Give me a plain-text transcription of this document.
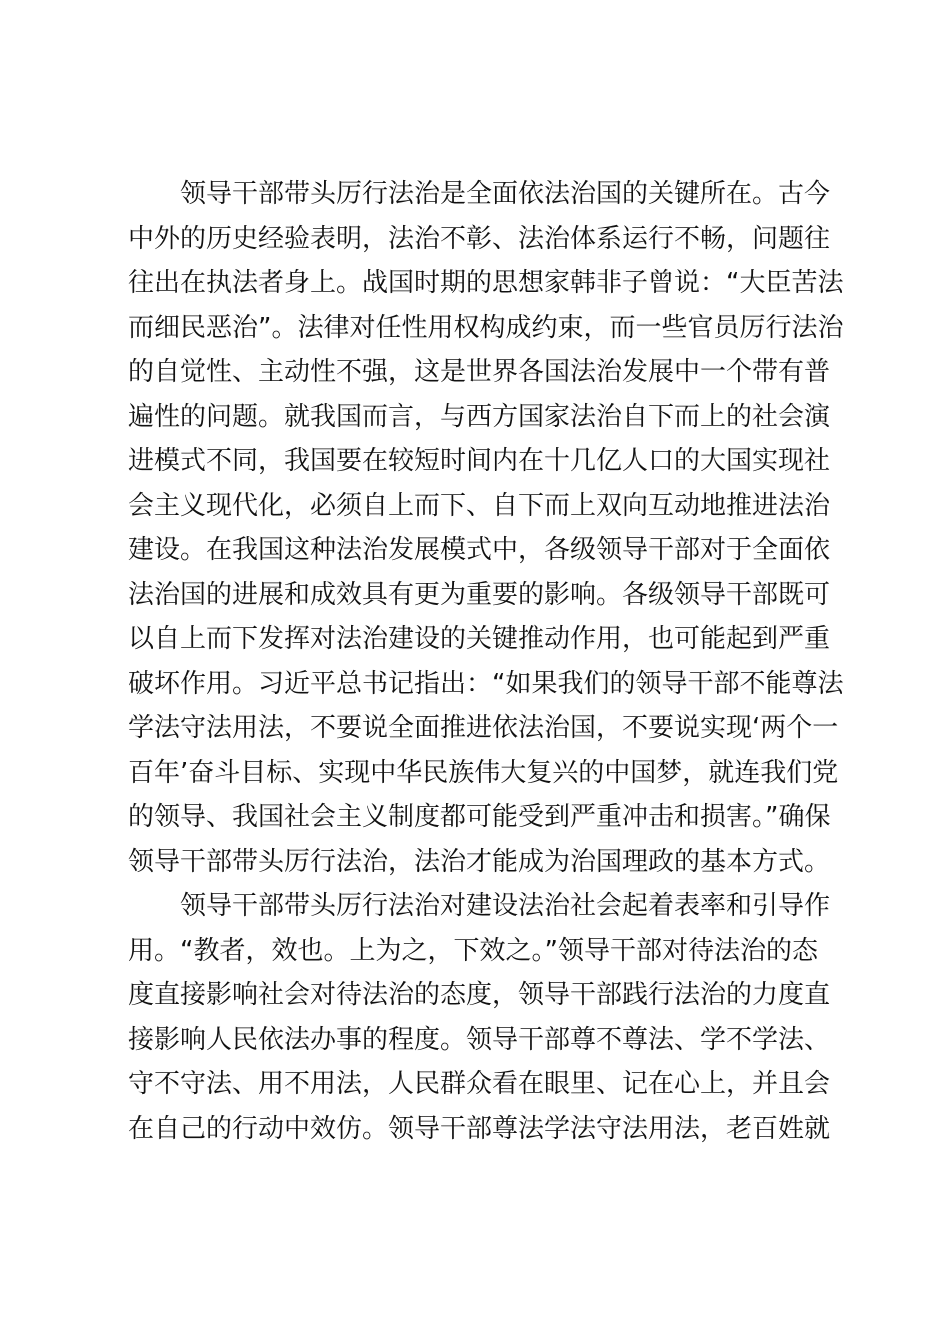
领导干部带头厉行法治是全面依法治国的关键所在。古今
中外的历史经验表明，法治不彰、法治体系运行不畅，问题往
往出在执法者身上。战国时期的思想家韩非子曾说：“大臣苦法
而细民恶治”。法律对任性用权构成约束，而一些官员厉行法治
的自觉性、主动性不强，这是世界各国法治发展中一个带有普
遍性的问题。就我国而言，与西方国家法治自下而上的社会演
进模式不同，我国要在较短时间内在十几亿人口的大国实现社
会主义现代化，必须自上而下、自下而上双向互动地推进法治
建设。在我国这种法治发展模式中，各级领导干部对于全面依
法治国的进展和成效具有更为重要的影响。各级领导干部既可
以自上而下发挥对法治建设的关键推动作用，也可能起到严重
破坏作用。习近平总书记指出：“如果我们的领导干部不能尊法
学法守法用法，不要说全面推进依法治国，不要说实现‘两个一
百年’奋斗目标、实现中华民族伟大复兴的中国梦，就连我们党
的领导、我国社会主义制度都可能受到严重冲击和损害。”确保
领导干部带头厉行法治，法治才能成为治国理政的基本方式。
领导干部带头厉行法治对建设法治社会起着表率和引导作
用。“教者，效也。上为之，下效之。”领导干部对待法治的态
度直接影响社会对待法治的态度，领导干部践行法治的力度直
接影响人民依法办事的程度。领导干部尊不尊法、学不学法、
守不守法、用不用法，人民群众看在眼里、记在心上，并且会
在自己的行动中效仿。领导干部尊法学法守法用法，老百姓就
